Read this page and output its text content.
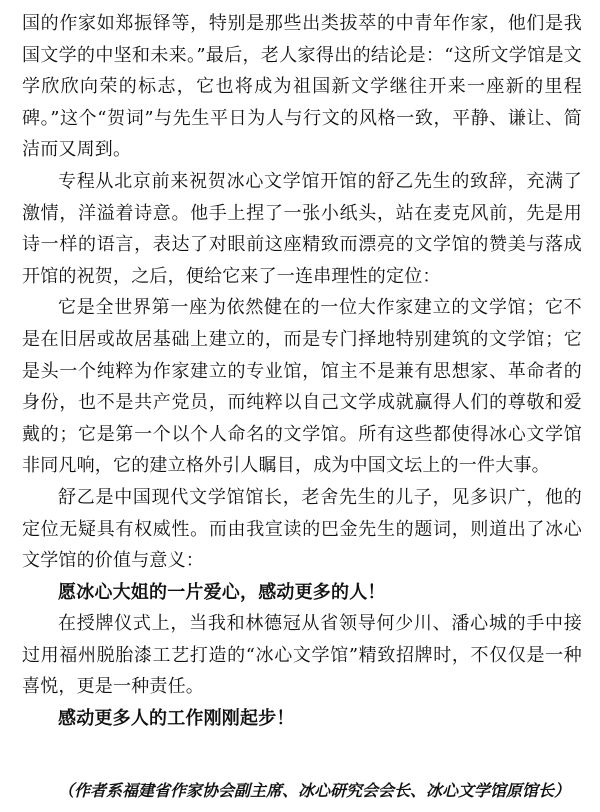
国的作家如郑振铎等，特别是那些出类拔萃的中青年作家，他们是我国文学的中坚和未来。”最后，老人家得出的结论是：“这所文学馆是文学欣欣向荣的标志，它也将成为祖国新文学继往开来一座新的里程碑。”这个“贺词”与先生平日为人与行文的风格一致，平静、谦让、简洁而又周到。

专程从北京前来祝贺冰心文学馆开馆的舒乙先生的致辞，充满了激情，洋溢着诗意。他手上捏了一张小纸头，站在麦克风前，先是用诗一样的语言，表达了对眼前这座精致而漂亮的文学馆的赞美与落成开馆的祝贺，之后，便给它来了一连串理性的定位：

它是全世界第一座为依然健在的一位大作家建立的文学馆；它不是在旧居或故居基础上建立的，而是专门择地特别建筑的文学馆；它是头一个纯粹为作家建立的专业馆，馆主不是兼有思想家、革命者的身份，也不是共产党员，而纯粹以自己文学成就赢得人们的尊敬和爱戴的；它是第一个以个人命名的文学馆。所有这些都使得冰心文学馆非同凡响，它的建立格外引人瞩目，成为中国文坛上的一件大事。

舒乙是中国现代文学馆馆长，老舍先生的儿子，见多识广，他的定位无疑具有权威性。而由我宣读的巴金先生的题词，则道出了冰心文学馆的价值与意义：

愿冰心大姐的一片爱心，感动更多的人！

在授牌仪式上，当我和林德冠从省领导何少川、潘心城的手中接过用福州脱胎漆工艺打造的“冰心文学馆”精致招牌时，不仅仅是一种喜悦，更是一种责任。

感动更多人的工作刚刚起步！

（作者系福建省作家协会副主席、冰心研究会会长、冰心文学馆原馆长）
